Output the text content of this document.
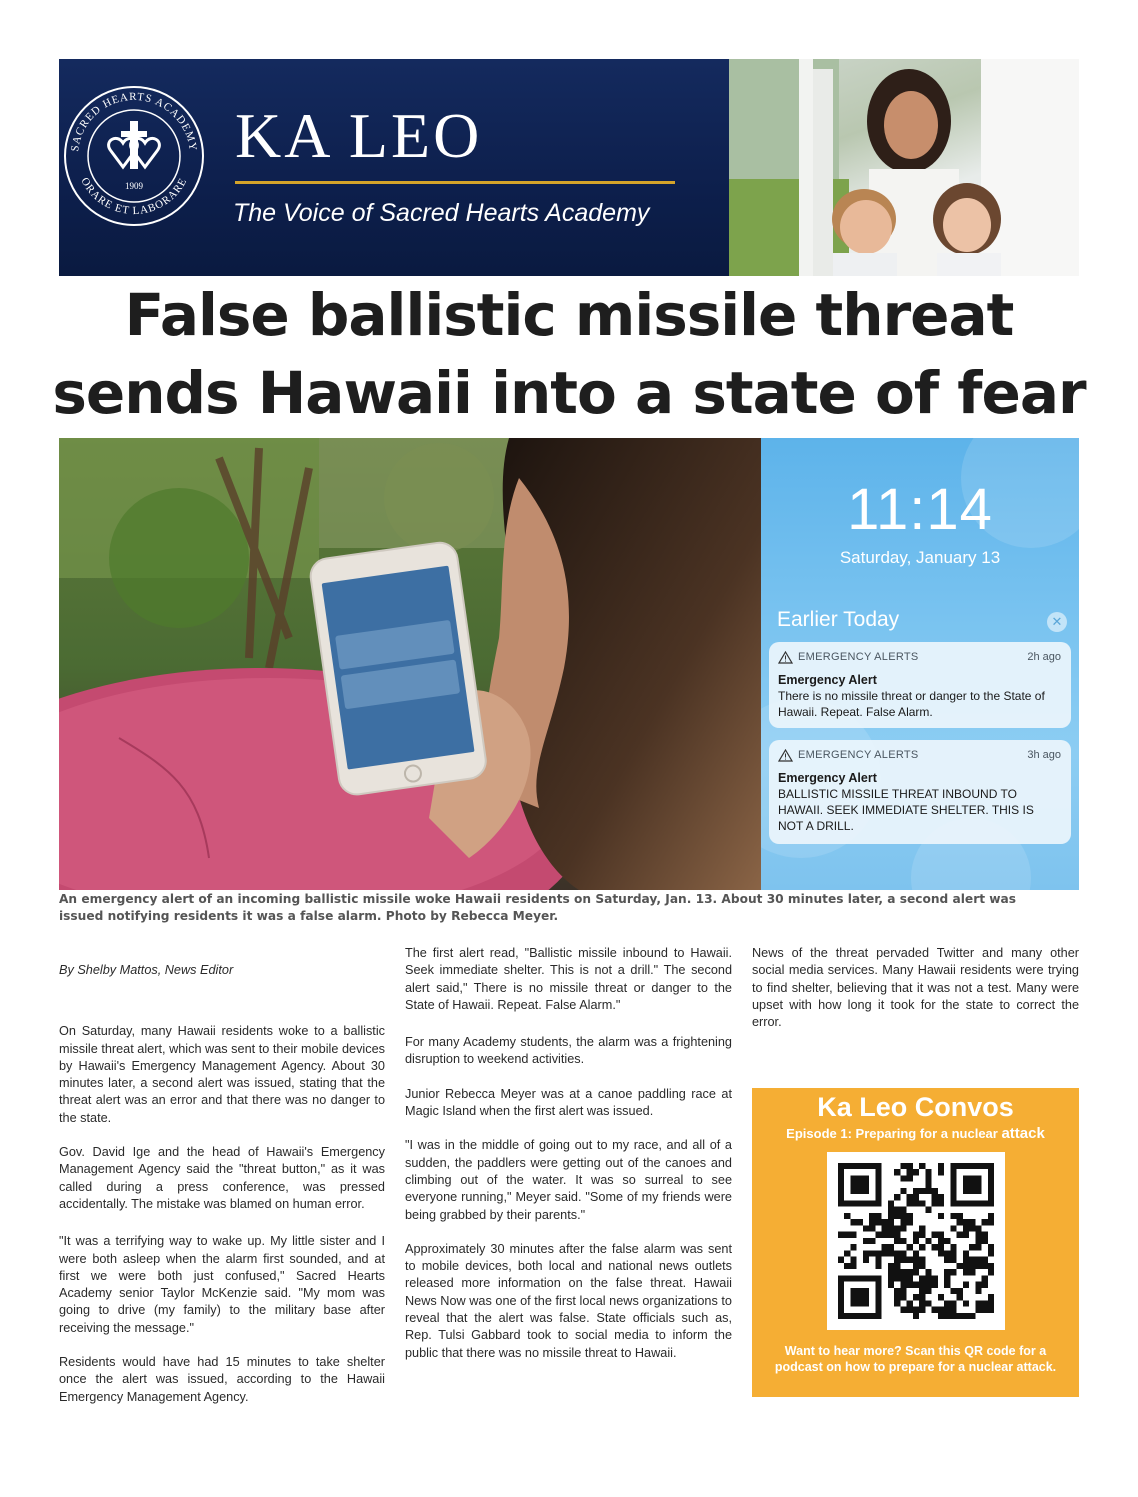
SACRED HEARTS ACADEMY
ORARE ET LABORARE
1909
KA LEO
The Voice of Sacred Hearts Academy
False ballistic missile threat
sends Hawaii into a state of fear
11:14
Saturday, January 13
Earlier Today	✕
EMERGENCY ALERTS	2h ago
Emergency Alert
There is no missile threat or danger to the State of Hawaii. Repeat. False Alarm.
EMERGENCY ALERTS	3h ago
Emergency Alert
BALLISTIC MISSILE THREAT INBOUND TO HAWAII. SEEK IMMEDIATE SHELTER. THIS IS NOT A DRILL.
An emergency alert of an incoming ballistic missile woke Hawaii residents on Saturday, Jan. 13. About 30 minutes later, a second alert was issued notifying residents it was a false alarm. Photo by Rebecca Meyer.

By Shelby Mattos, News Editor

On Saturday, many Hawaii residents woke to a ballistic missile threat alert, which was sent to their mobile devices by Hawaii's Emergency Management Agency. About 30 minutes later, a second alert was issued, stating that the threat alert was an error and that there was no danger to the state.

Gov. David Ige and the head of Hawaii's Emergency Management Agency said the "threat button," as it was called during a press conference, was pressed accidentally. The mistake was blamed on human error.

"It was a terrifying way to wake up. My little sister and I were both asleep when the alarm first sounded, and at first we were both just confused," Sacred Hearts Academy senior Taylor McKenzie said. "My mom was going to drive (my family) to the military base after receiving the message."

Residents would have had 15 minutes to take shelter once the alert was issued, according to the Hawaii Emergency Management Agency.

The first alert read, "Ballistic missile inbound to Hawaii. Seek immediate shelter. This is not a drill." The second alert said," There is no missile threat or danger to the State of Hawaii. Repeat. False Alarm."

For many Academy students, the alarm was a frightening disruption to weekend activities.

Junior Rebecca Meyer was at a canoe paddling race at Magic Island when the first alert was issued.

"I was in the middle of going out to my race, and all of a sudden, the paddlers were getting out of the canoes and climbing out of the water. It was so surreal to see everyone running," Meyer said. "Some of my friends were being grabbed by their parents."

Approximately 30 minutes after the false alarm was sent to mobile devices, both local and national news outlets released more information on the false threat. Hawaii News Now was one of the first local news organizations to reveal that the alert was false. State officials such as, Rep. Tulsi Gabbard took to social media to inform the public that there was no missile threat to Hawaii.

News of the threat pervaded Twitter and many other social media services. Many Hawaii residents were trying to find shelter, believing that it was not a test. Many were upset with how long it took for the state to correct the error.

Ka Leo Convos
Episode 1: Preparing for a nuclear attack
Want to hear more? Scan this QR code for a podcast on how to prepare for a nuclear attack.
